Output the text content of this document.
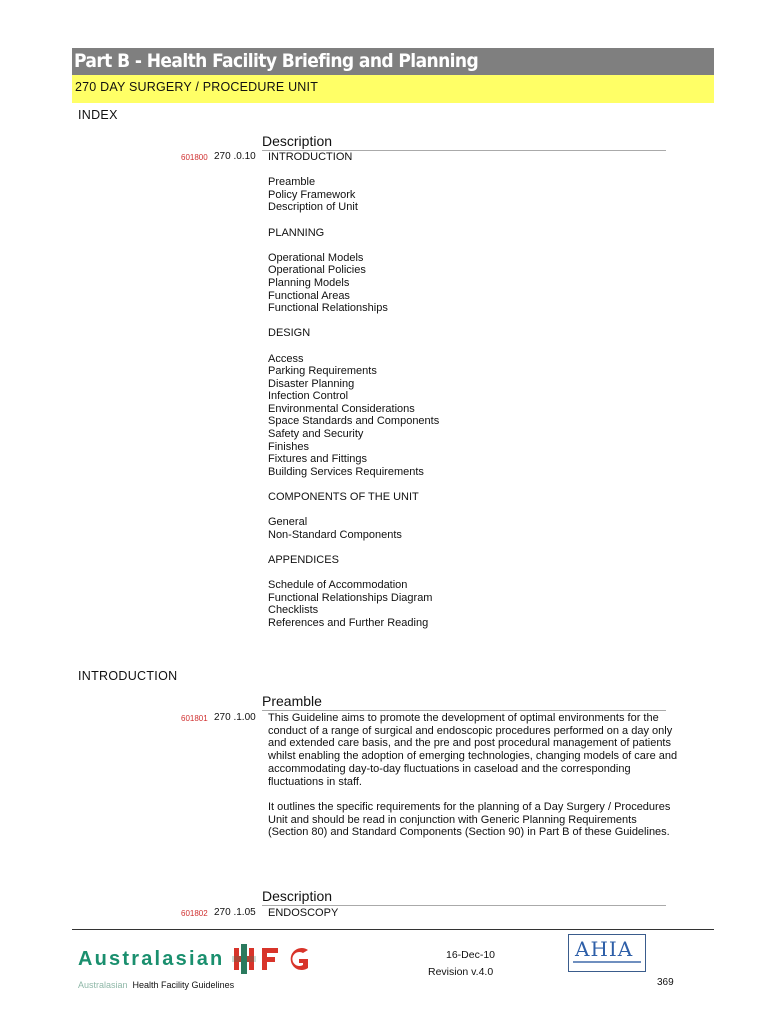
Part B - Health Facility Briefing and Planning
270 DAY SURGERY / PROCEDURE UNIT
INDEX
Description
601800 270 .0.10 INTRODUCTION
Preamble
Policy Framework
Description of Unit
PLANNING
Operational Models
Operational Policies
Planning Models
Functional Areas
Functional Relationships
DESIGN
Access
Parking Requirements
Disaster Planning
Infection Control
Environmental Considerations
Space Standards and Components
Safety and Security
Finishes
Fixtures and Fittings
Building Services Requirements
COMPONENTS OF THE UNIT
General
Non-Standard Components
APPENDICES
Schedule of Accommodation
Functional Relationships Diagram
Checklists
References and Further Reading
INTRODUCTION
Preamble
601801 270 .1.00 This Guideline aims to promote the development of optimal environments for the conduct of a range of surgical and endoscopic procedures performed on a day only and extended care basis, and the pre and post procedural management of patients whilst enabling the adoption of emerging technologies, changing models of care and accommodating day-to-day fluctuations in caseload and the corresponding fluctuations in staff.

It outlines the specific requirements for the planning of a Day Surgery / Procedures Unit and should be read in conjunction with Generic Planning Requirements (Section 80) and Standard Components (Section 90) in Part B of these Guidelines.

Description
601802 270 .1.05 ENDOSCOPY
Australasian	16-Dec-10
Revision v.4.0
AHIA
Australasian Health Facility Guidelines	369
